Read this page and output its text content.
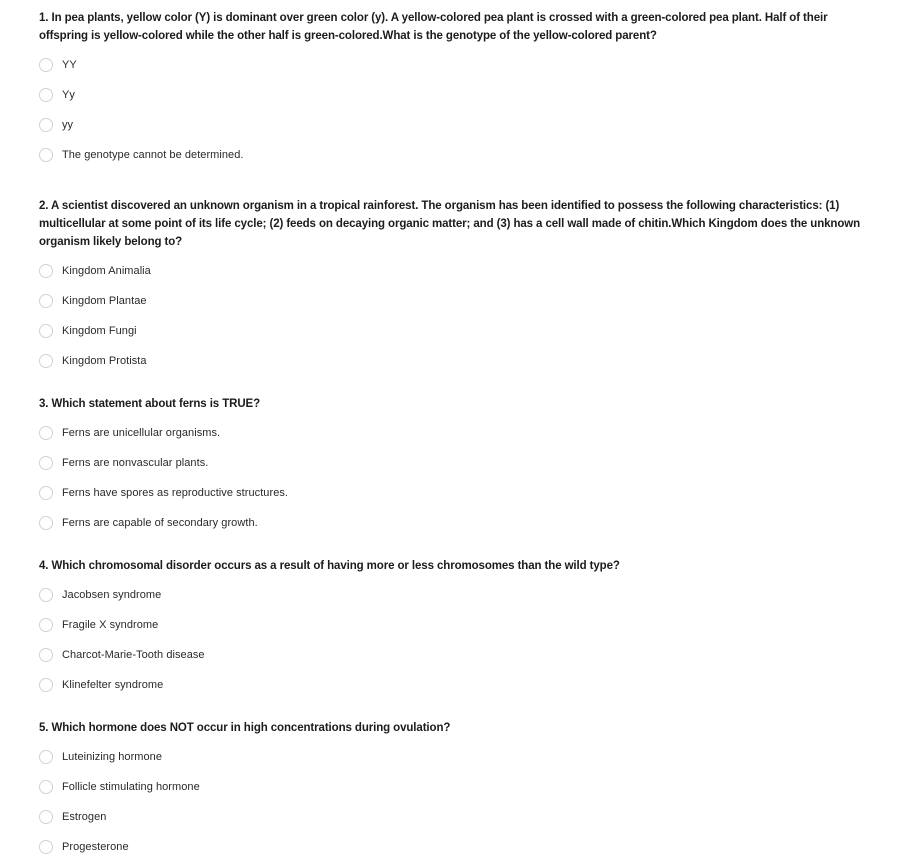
1. In pea plants, yellow color (Y) is dominant over green color (y). A yellow-colored pea plant is crossed with a green-colored pea plant. Half of their offspring is yellow-colored while the other half is green-colored.What is the genotype of the yellow-colored parent?

YY
Yy
yy
The genotype cannot be determined.

2. A scientist discovered an unknown organism in a tropical rainforest. The organism has been identified to possess the following characteristics: (1) multicellular at some point of its life cycle; (2) feeds on decaying organic matter; and (3) has a cell wall made of chitin.Which Kingdom does the unknown organism likely belong to?

Kingdom Animalia
Kingdom Plantae
Kingdom Fungi
Kingdom Protista

3. Which statement about ferns is TRUE?

Ferns are unicellular organisms.
Ferns are nonvascular plants.
Ferns have spores as reproductive structures.
Ferns are capable of secondary growth.

4. Which chromosomal disorder occurs as a result of having more or less chromosomes than the wild type?

Jacobsen syndrome
Fragile X syndrome
Charcot-Marie-Tooth disease
Klinefelter syndrome

5. Which hormone does NOT occur in high concentrations during ovulation?

Luteinizing hormone
Follicle stimulating hormone
Estrogen
Progesterone
